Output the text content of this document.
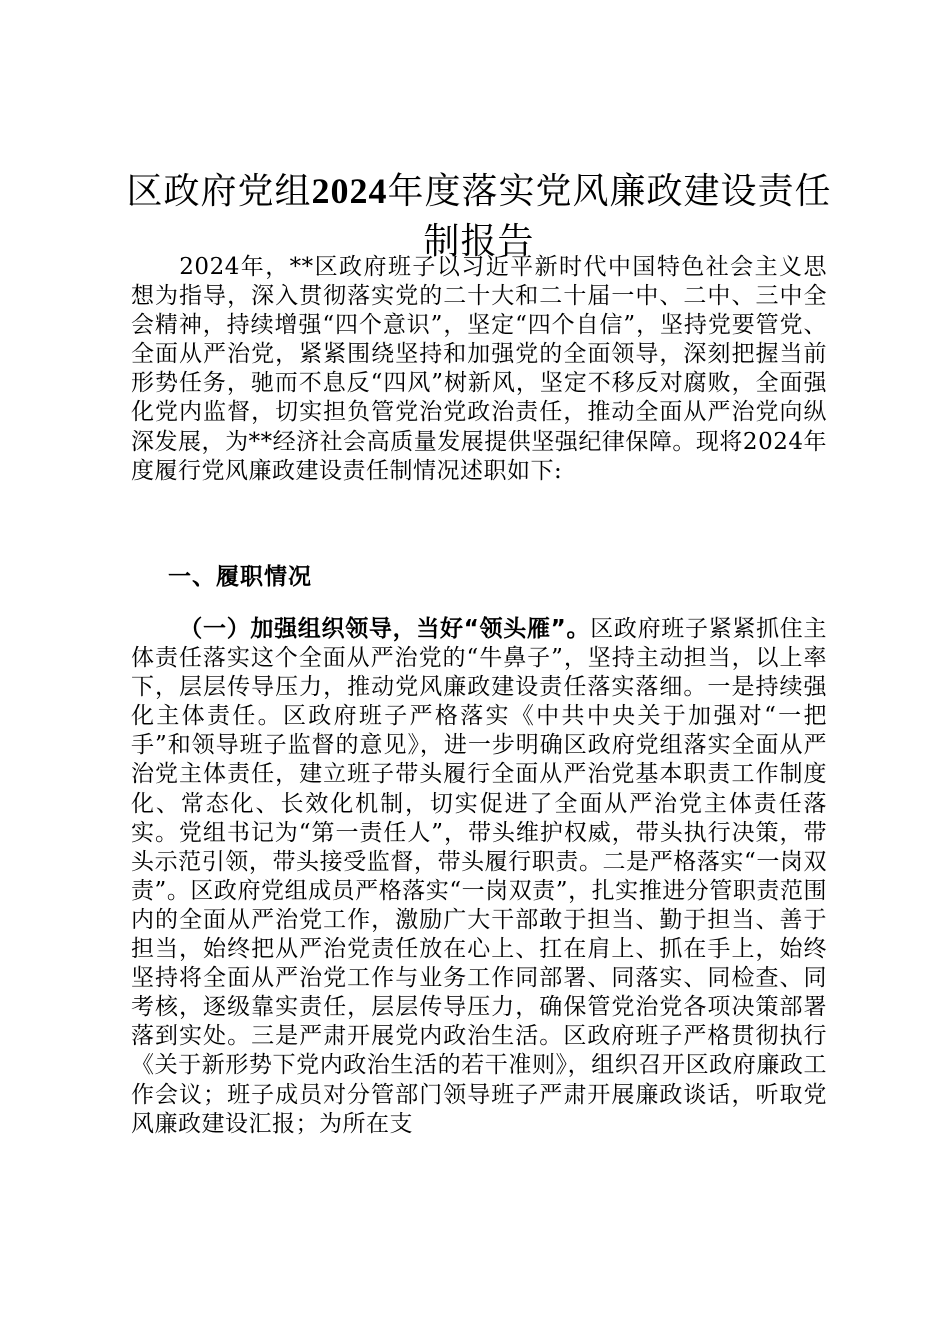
区政府党组2024年度落实党风廉政建设责任制报告

2024年，**区政府班子以习近平新时代中国特色社会主义思想为指导，深入贯彻落实党的二十大和二十届一中、二中、三中全会精神，持续增强“四个意识”，坚定“四个自信”，坚持党要管党、全面从严治党，紧紧围绕坚持和加强党的全面领导，深刻把握当前形势任务，驰而不息反“四风”树新风，坚定不移反对腐败，全面强化党内监督，切实担负管党治党政治责任，推动全面从严治党向纵深发展，为**经济社会高质量发展提供坚强纪律保障。现将2024年度履行党风廉政建设责任制情况述职如下:

一、履职情况

（一）加强组织领导，当好“领头雁”。区政府班子紧紧抓住主体责任落实这个全面从严治党的“牛鼻子”，坚持主动担当，以上率下，层层传导压力，推动党风廉政建设责任落实落细。一是持续强化主体责任。区政府班子严格落实《中共中央关于加强对“一把手”和领导班子监督的意见》，进一步明确区政府党组落实全面从严治党主体责任，建立班子带头履行全面从严治党基本职责工作制度化、常态化、长效化机制，切实促进了全面从严治党主体责任落实。党组书记为“第一责任人”，带头维护权威，带头执行决策，带头示范引领，带头接受监督，带头履行职责。二是严格落实“一岗双责”。区政府党组成员严格落实“一岗双责”，扎实推进分管职责范围内的全面从严治党工作，激励广大干部敢于担当、勤于担当、善于担当，始终把从严治党责任放在心上、扛在肩上、抓在手上，始终坚持将全面从严治党工作与业务工作同部署、同落实、同检查、同考核，逐级靠实责任，层层传导压力，确保管党治党各项决策部署落到实处。三是严肃开展党内政治生活。区政府班子严格贯彻执行《关于新形势下党内政治生活的若干准则》，组织召开区政府廉政工作会议；班子成员对分管部门领导班子严肃开展廉政谈话，听取党风廉政建设汇报；为所在支
